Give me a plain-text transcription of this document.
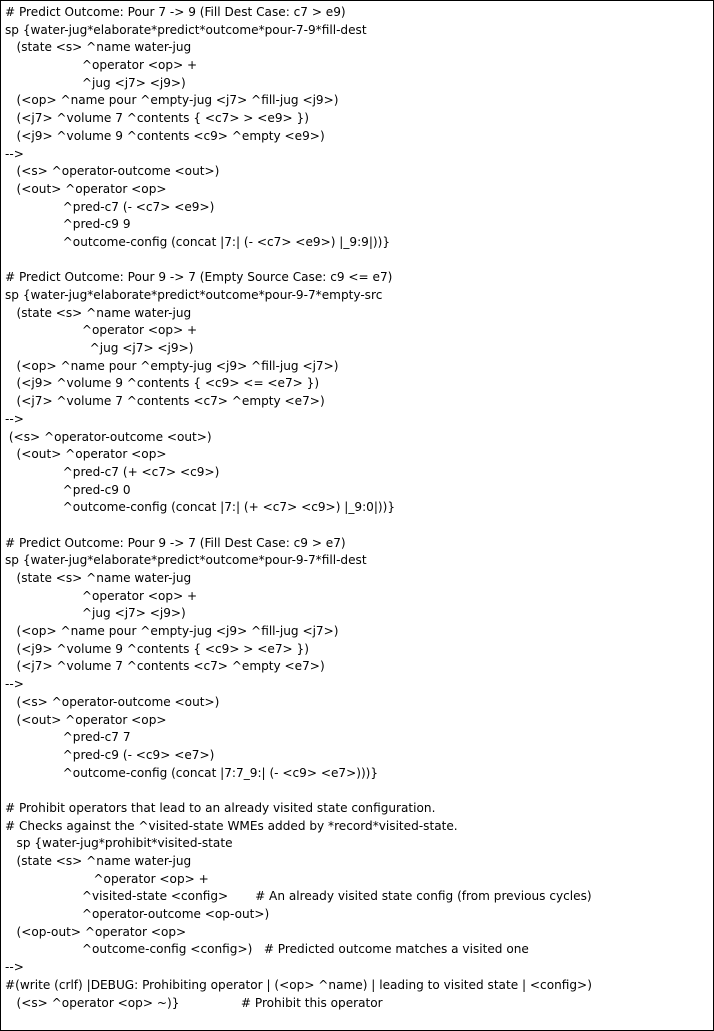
# Predict Outcome: Pour 7 -> 9 (Fill Dest Case: c7 > e9)
sp {water-jug*elaborate*predict*outcome*pour-7-9*fill-dest
(state <s> ^name water-jug
^operator <op> +
^jug <j7> <j9>)
(<op> ^name pour ^empty-jug <j7> ^fill-jug <j9>)
(<j7> ^volume 7 ^contents { <c7> > <e9> })
(<j9> ^volume 9 ^contents <c9> ^empty <e9>)
-->
(<s> ^operator-outcome <out>)
(<out> ^operator <op>
^pred-c7 (- <c7> <e9>)
^pred-c9 9
^outcome-config (concat |7:| (- <c7> <e9>) |_9:9|))}
# Predict Outcome: Pour 9 -> 7 (Empty Source Case: c9 <= e7)
sp {water-jug*elaborate*predict*outcome*pour-9-7*empty-src
(state <s> ^name water-jug
^operator <op> +
^jug <j7> <j9>)
(<op> ^name pour ^empty-jug <j9> ^fill-jug <j7>)
(<j9> ^volume 9 ^contents { <c9> <= <e7> })
(<j7> ^volume 7 ^contents <c7> ^empty <e7>)
-->
(<s> ^operator-outcome <out>)
(<out> ^operator <op>
^pred-c7 (+ <c7> <c9>)
^pred-c9 0
^outcome-config (concat |7:| (+ <c7> <c9>) |_9:0|))}
# Predict Outcome: Pour 9 -> 7 (Fill Dest Case: c9 > e7)
sp {water-jug*elaborate*predict*outcome*pour-9-7*fill-dest
(state <s> ^name water-jug
^operator <op> +
^jug <j7> <j9>)
(<op> ^name pour ^empty-jug <j9> ^fill-jug <j7>)
(<j9> ^volume 9 ^contents { <c9> > <e7> })
(<j7> ^volume 7 ^contents <c7> ^empty <e7>)
-->
(<s> ^operator-outcome <out>)
(<out> ^operator <op>
^pred-c7 7
^pred-c9 (- <c9> <e7>)
^outcome-config (concat |7:7_9:| (- <c9> <e7>)))}
# Prohibit operators that lead to an already visited state configuration.
# Checks against the ^visited-state WMEs added by *record*visited-state.
sp {water-jug*prohibit*visited-state
(state <s> ^name water-jug
^operator <op> +
^visited-state <config>       # An already visited state config (from previous cycles)
^operator-outcome <op-out>)
(<op-out> ^operator <op>
^outcome-config <config>)   # Predicted outcome matches a visited one
-->
#(write (crlf) |DEBUG: Prohibiting operator | (<op> ^name) | leading to visited state | <config>)
(<s> ^operator <op> ~)}                # Prohibit this operator
